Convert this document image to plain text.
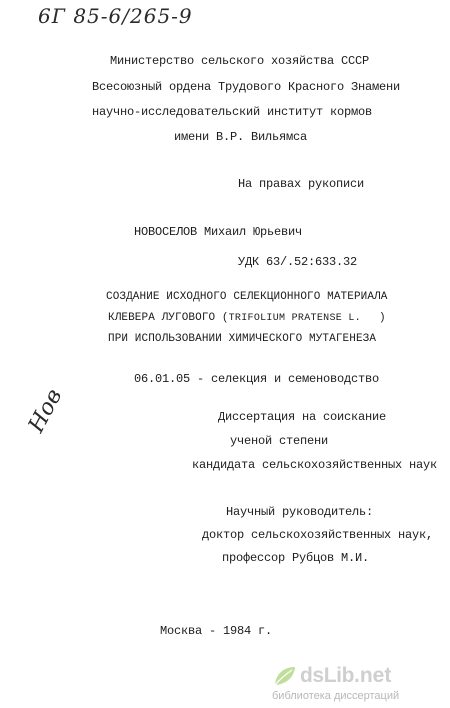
6Г 85-6/265-9
Министерство сельского хозяйства СССР
Всесоюзный ордена Трудового Красного Знамени
научно-исследовательский институт кормов
имени В.Р. Вильямса
На правах рукописи
НОВОСЕЛОВ Михаил Юрьевич
УДК 63/.52:633.32
СОЗДАНИЕ ИСХОДНОГО СЕЛЕКЦИОННОГО МАТЕРИАЛА
КЛЕВЕРА ЛУГОВОГО (TRIFOLIUM PRATENSE L. )
ПРИ ИСПОЛЬЗОВАНИИ ХИМИЧЕСКОГО МУТАГЕНЕЗА
06.01.05 - селекция и семеноводство
Нов	Диссертация на соискание
ученой степени
кандидата сельскохозяйственных наук
Научный руководитель:
доктор сельскохозяйственных наук,
профессор Рубцов М.И.
Москва - 1984 г.
dsLib .net
библиотека диссертаций
